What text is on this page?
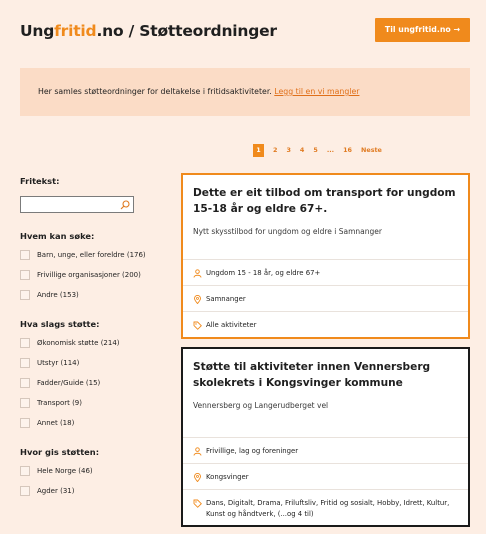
Ungfritid.no / Støtteordninger	Til ungfritid.no →
Her samles støtteordninger for deltakelse i fritidsaktiviteter. Legg til en vi mangler
1	2 3 4 5 ... 16 Neste
Fritekst:
Hvem kan søke:
Barn, unge, eller foreldre (176)
Frivillige organisasjoner (200)
Andre (153)
Hva slags støtte:
Økonomisk støtte (214)
Utstyr (114)
Fadder/Guide (15)
Transport (9)
Annet (18)
Hvor gis støtten:
Hele Norge (46)
Agder (31)
Dette er eit tilbod om transport for ungdom 15-18 år og eldre 67+.
Nytt skysstilbod for ungdom og eldre i Samnanger
Ungdom 15 - 18 år, og eldre 67+
Samnanger
Alle aktiviteter
Støtte til aktiviteter innen Vennersberg skolekrets i Kongsvinger kommune
Vennersberg og Langerudberget vel
Frivillige, lag og foreninger
Kongsvinger
Dans, Digitalt, Drama, Friluftsliv, Fritid og sosialt, Hobby, Idrett, Kultur, Kunst og håndtverk, (...og 4 til)
